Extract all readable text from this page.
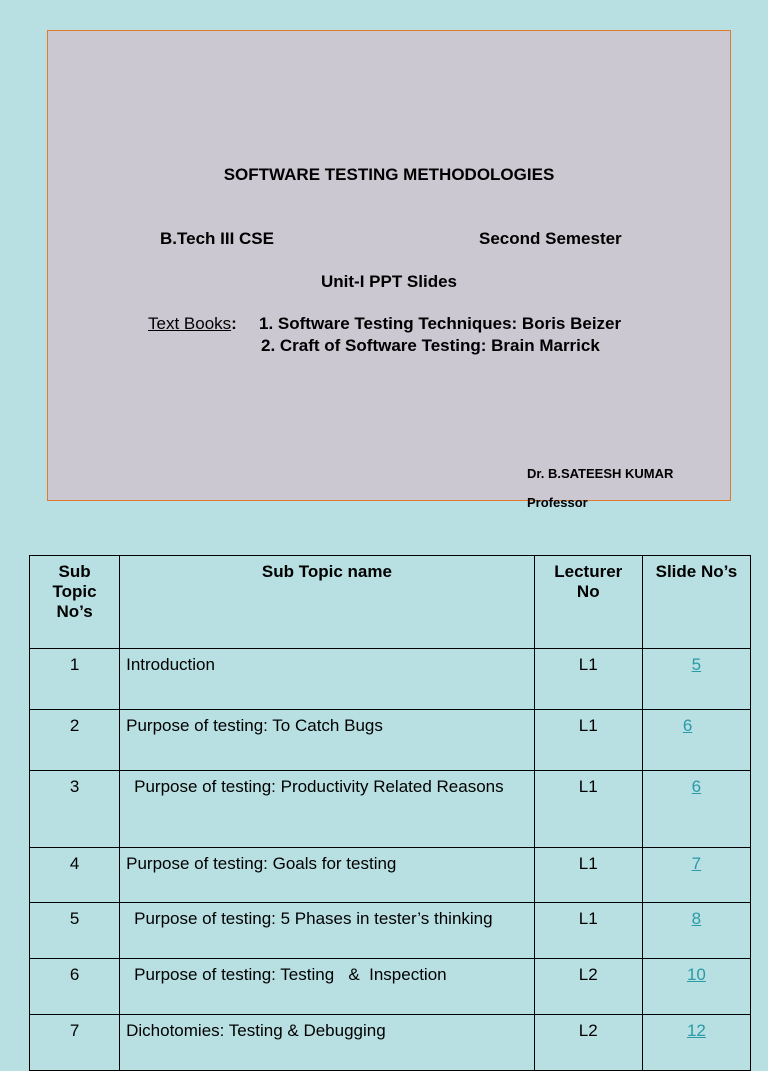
SOFTWARE TESTING METHODOLOGIES
B.Tech III CSE	Second Semester
Unit-I PPT Slides
Text Books: 1. Software Testing Techniques: Boris Beizer
2. Craft of Software Testing: Brain Marrick
Dr. B.SATEESH KUMAR
Professor
Sub Topic No’s	Sub Topic name	Lecturer No	Slide No’s
1	Introduction	L1	5
2	Purpose of testing: To Catch Bugs	L1	6
3	Purpose of testing: Productivity Related Reasons	L1	6
4	Purpose of testing: Goals for testing	L1	7
5	Purpose of testing: 5 Phases in tester’s thinking	L1	8
6	Purpose of testing: Testing   &  Inspection	L2	10
7	Dichotomies: Testing & Debugging	L2	12
